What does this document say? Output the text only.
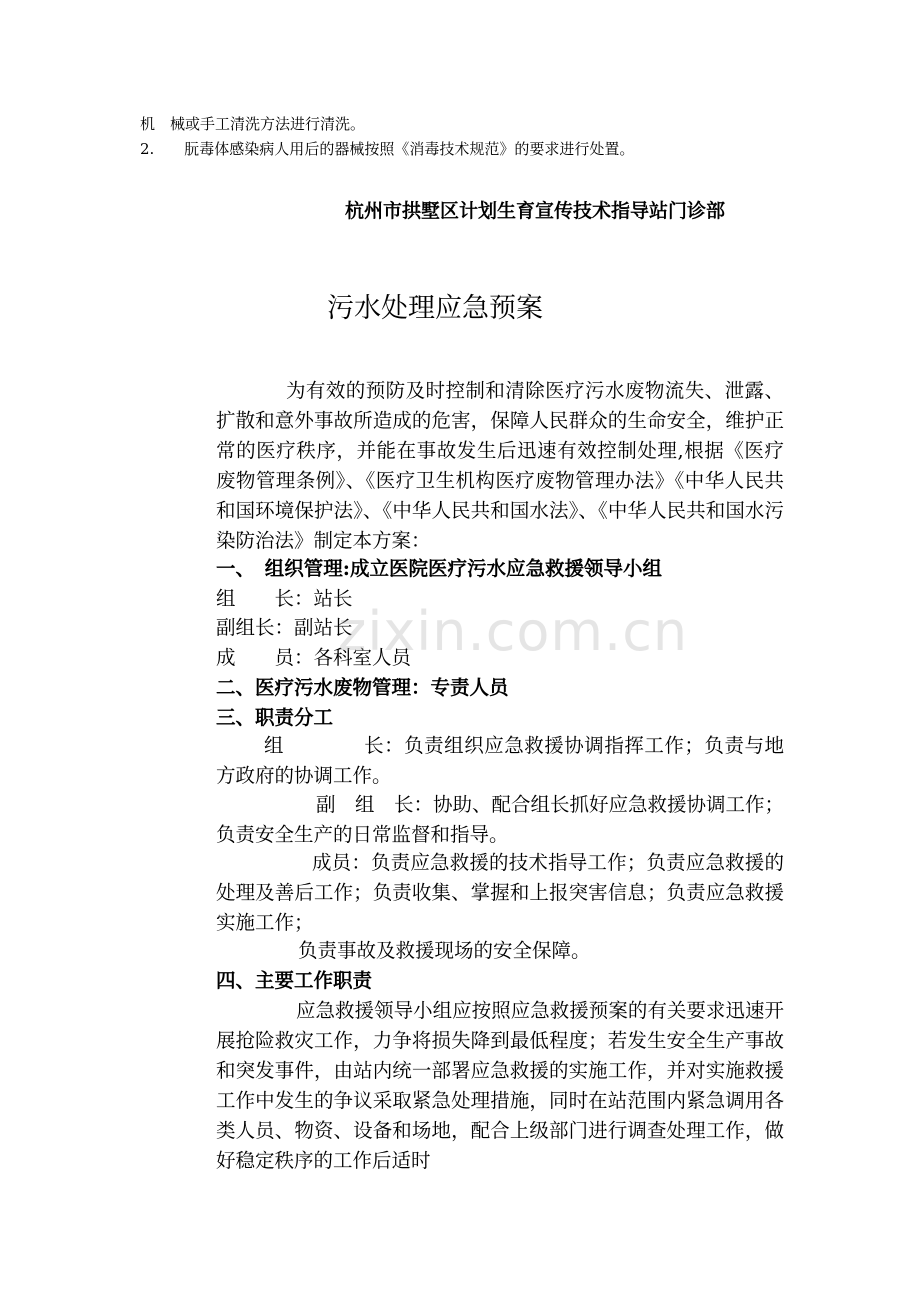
机　械或手工清洗方法进行清洗。
2.　　朊毒体感染病人用后的器械按照《消毒技术规范》的要求进行处置。
杭州市拱墅区计划生育宣传技术指导站门诊部
污水处理应急预案
为有效的预防及时控制和清除医疗污水废物流失、泄露、扩散和意外事故所造成的危害，保障人民群众的生命安全，维护正常的医疗秩序，并能在事故发生后迅速有效控制处理,根据《医疗废物管理条例》、《医疗卫生机构医疗废物管理办法》《中华人民共和国环境保护法》、《中华人民共和国水法》、《中华人民共和国水污染防治法》制定本方案：
一、　组织管理:成立医院医疗污水应急救援领导小组
组　　长：站长
副组长：副站长
成　　员：各科室人员
二、医疗污水废物管理：专责人员
三、职责分工
组　　　　长：负责组织应急救援协调指挥工作；负责与地方政府的协调工作。
副　组　长：协助、配合组长抓好应急救援协调工作；负责安全生产的日常监督和指导。
成员：负责应急救援的技术指导工作；负责应急救援的处理及善后工作；负责收集、掌握和上报突害信息；负责应急救援实施工作；
负责事故及救援现场的安全保障。
四、主要工作职责
应急救援领导小组应按照应急救援预案的有关要求迅速开展抢险救灾工作，力争将损失降到最低程度；若发生安全生产事故和突发事件，由站内统一部署应急救援的实施工作，并对实施救援工作中发生的争议采取紧急处理措施，同时在站范围内紧急调用各类人员、物资、设备和场地，配合上级部门进行调查处理工作，做好稳定秩序的工作后适时
zixin.com.cn
